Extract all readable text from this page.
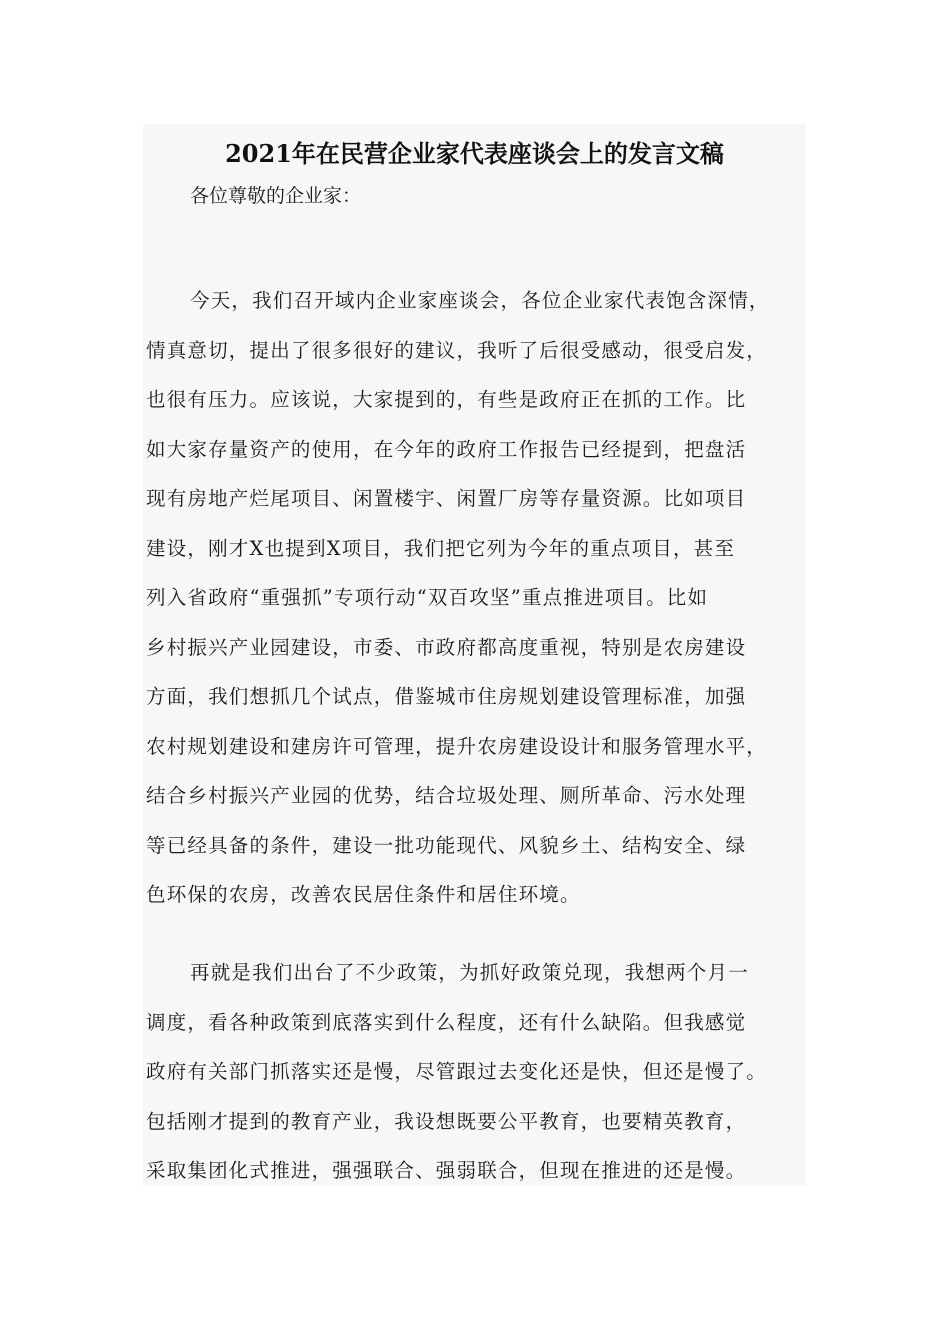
2021年在民营企业家代表座谈会上的发言文稿

各位尊敬的企业家：

今天，我们召开域内企业家座谈会，各位企业家代表饱含深情，
情真意切，提出了很多很好的建议，我听了后很受感动，很受启发，
也很有压力。应该说，大家提到的，有些是政府正在抓的工作。比
如大家存量资产的使用，在今年的政府工作报告已经提到，把盘活
现有房地产烂尾项目、闲置楼宇、闲置厂房等存量资源。比如项目
建设，刚才X也提到X项目，我们把它列为今年的重点项目，甚至
列入省政府“重强抓”专项行动“双百攻坚”重点推进项目。比如
乡村振兴产业园建设，市委、市政府都高度重视，特别是农房建设
方面，我们想抓几个试点，借鉴城市住房规划建设管理标准，加强
农村规划建设和建房许可管理，提升农房建设设计和服务管理水平，
结合乡村振兴产业园的优势，结合垃圾处理、厕所革命、污水处理
等已经具备的条件，建设一批功能现代、风貌乡土、结构安全、绿
色环保的农房，改善农民居住条件和居住环境。
再就是我们出台了不少政策，为抓好政策兑现，我想两个月一
调度，看各种政策到底落实到什么程度，还有什么缺陷。但我感觉
政府有关部门抓落实还是慢，尽管跟过去变化还是快，但还是慢了。
包括刚才提到的教育产业，我设想既要公平教育，也要精英教育，
采取集团化式推进，强强联合、强弱联合，但现在推进的还是慢。
